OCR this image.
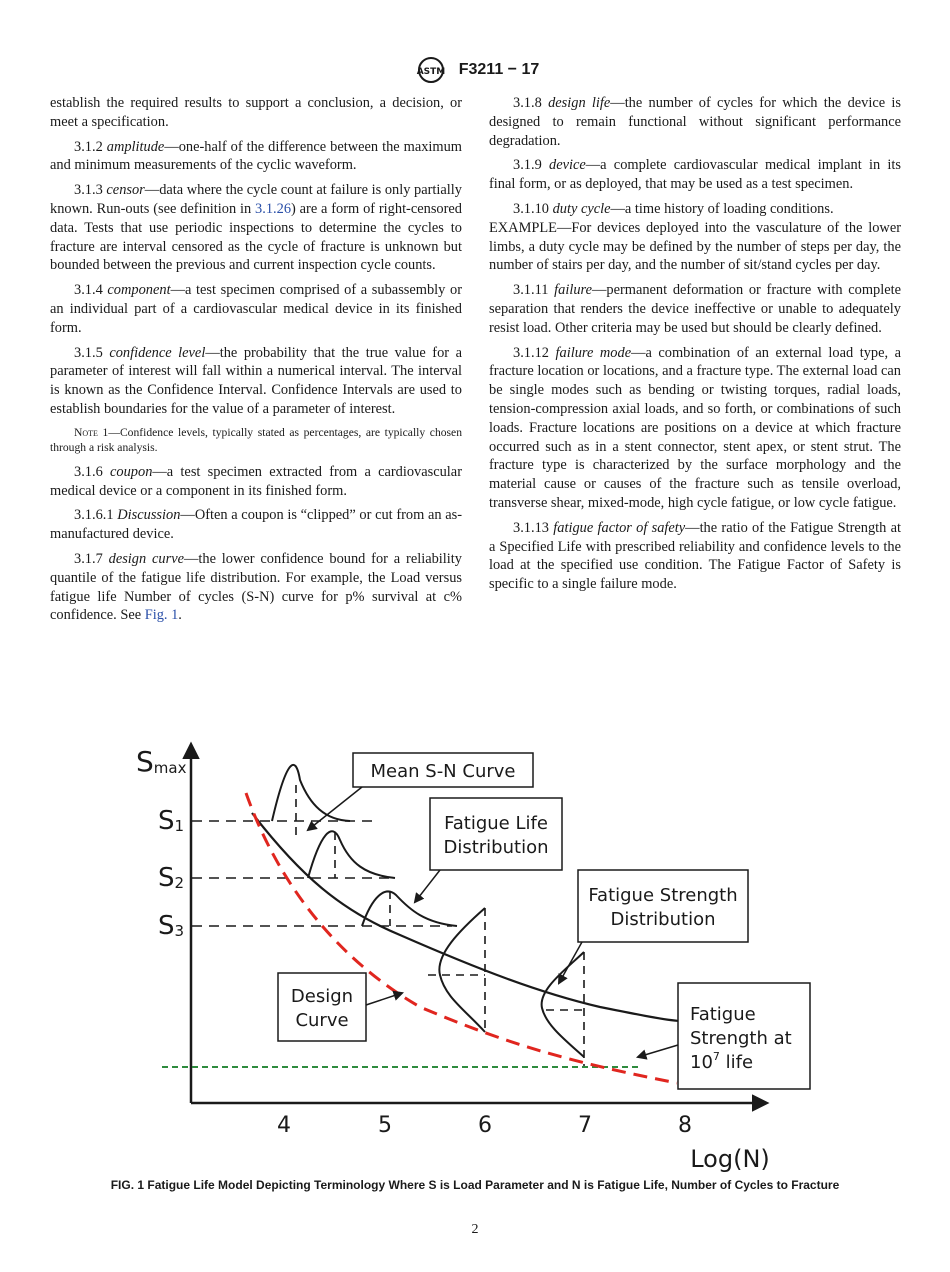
ASTM F3211 − 17

establish the required results to support a conclusion, a decision, or meet a specification.

3.1.2 amplitude—one-half of the difference between the maximum and minimum measurements of the cyclic waveform.

3.1.3 censor—data where the cycle count at failure is only partially known. Run-outs (see definition in 3.1.26) are a form of right-censored data. Tests that use periodic inspections to determine the cycles to fracture are interval censored as the cycle of fracture is unknown but bounded between the previous and current inspection cycle counts.

3.1.4 component—a test specimen comprised of a subassembly or an individual part of a cardiovascular medical device in its finished form.

3.1.5 confidence level—the probability that the true value for a parameter of interest will fall within a numerical interval. The interval is known as the Confidence Interval. Confidence Intervals are used to establish boundaries for the value of a parameter of interest.

Note 1—Confidence levels, typically stated as percentages, are typically chosen through a risk analysis.

3.1.6 coupon—a test specimen extracted from a cardiovascular medical device or a component in its finished form.

3.1.6.1 Discussion—Often a coupon is “clipped” or cut from an as-manufactured device.

3.1.7 design curve—the lower confidence bound for a reliability quantile of the fatigue life distribution. For example, the Load versus fatigue life Number of cycles (S-N) curve for p% survival at c% confidence. See Fig. 1.

3.1.8 design life—the number of cycles for which the device is designed to remain functional without significant performance degradation.

3.1.9 device—a complete cardiovascular medical implant in its final form, or as deployed, that may be used as a test specimen.

3.1.10 duty cycle—a time history of loading conditions.

EXAMPLE—For devices deployed into the vasculature of the lower limbs, a duty cycle may be defined by the number of steps per day, the number of stairs per day, and the number of sit/stand cycles per day.

3.1.11 failure—permanent deformation or fracture with complete separation that renders the device ineffective or unable to adequately resist load. Other criteria may be used but should be clearly defined.

3.1.12 failure mode—a combination of an external load type, a fracture location or locations, and a fracture type. The external load can be single modes such as bending or twisting torques, radial loads, tension-compression axial loads, and so forth, or combinations of such loads. Fracture locations are positions on a device at which fracture occurred such as in a stent connector, stent apex, or stent strut. The fracture type is characterized by the surface morphology and the material cause or causes of the fracture such as tensile overload, transverse shear, mixed-mode, high cycle fatigue, or low cycle fatigue.

3.1.13 fatigue factor of safety—the ratio of the Fatigue Strength at a Specified Life with prescribed reliability and confidence levels to the load at the specified use condition. The Fatigue Factor of Safety is specific to a single failure mode.

Smax
S1
S2
S3
Mean S-N Curve
Fatigue Life Distribution
Fatigue Strength Distribution
Design Curve	Fatigue Strength at $10^7$ life
4	5	6	7	8
Log(N)
FIG. 1 Fatigue Life Model Depicting Terminology Where S is Load Parameter and N is Fatigue Life, Number of Cycles to Fracture
2
